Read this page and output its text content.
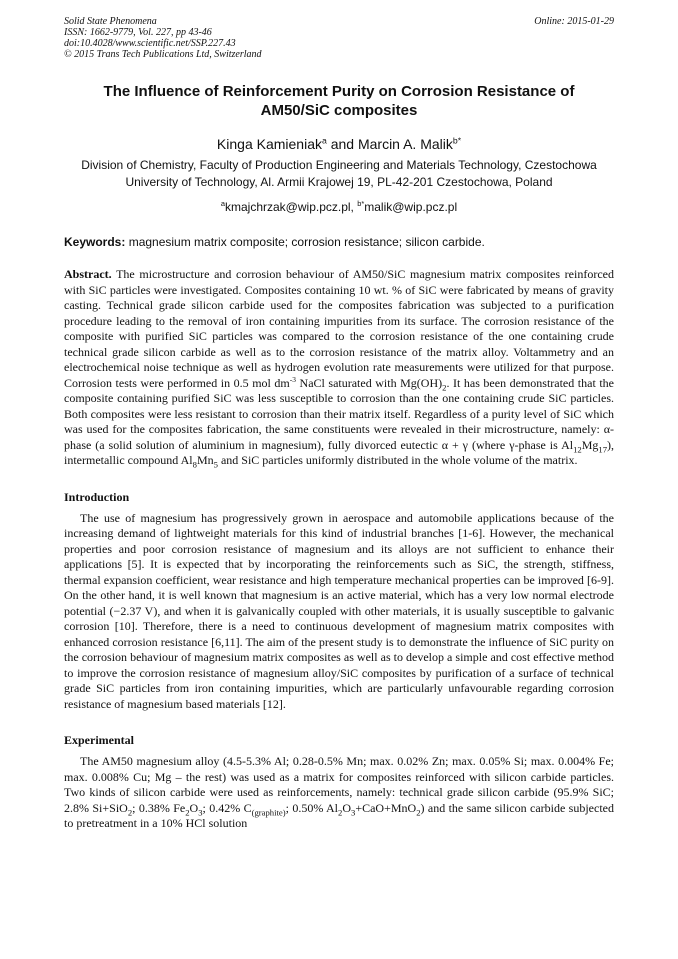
Solid State Phenomena
ISSN: 1662-9779, Vol. 227, pp 43-46
doi:10.4028/www.scientific.net/SSP.227.43
© 2015 Trans Tech Publications Ltd, Switzerland
Online: 2015-01-29
The Influence of Reinforcement Purity on Corrosion Resistance of
AM50/SiC composites
Kinga Kamieniak$^a$ and Marcin A. Malik$^{b*}$
Division of Chemistry, Faculty of Production Engineering and Materials Technology, Czestochowa
University of Technology, Al. Armii Krajowej 19, PL-42-201 Czestochowa, Poland
$^a$kmajchrzak@wip.pcz.pl, $^{b*}$malik@wip.pcz.pl
Keywords: magnesium matrix composite; corrosion resistance; silicon carbide.
Abstract. The microstructure and corrosion behaviour of AM50/SiC magnesium matrix composites reinforced with SiC particles were investigated. Composites containing 10 wt. % of SiC were fabricated by means of gravity casting. Technical grade silicon carbide used for the composites fabrication was subjected to a purification procedure leading to the removal of iron containing impurities from its surface. The corrosion resistance of the composite with purified SiC particles was compared to the corrosion resistance of the one containing crude technical grade silicon carbide as well as to the corrosion resistance of the matrix alloy. Voltammetry and an electrochemical noise technique as well as hydrogen evolution rate measurements were utilized for that purpose. Corrosion tests were performed in 0.5 mol $dm^{-3}$ NaCl saturated with $Mg(OH)_2$. It has been demonstrated that the composite containing purified SiC was less susceptible to corrosion than the one containing crude SiC particles. Both composites were less resistant to corrosion than their matrix itself. Regardless of a purity level of SiC which was used for the composites fabrication, the same constituents were revealed in their microstructure, namely: α-phase (a solid solution of aluminium in magnesium), fully divorced eutectic α + γ (where γ-phase is $Al_{12}Mg_{17}$), intermetallic compound $Al_8Mn_5$ and SiC particles uniformly distributed in the whole volume of the matrix.
Introduction
The use of magnesium has progressively grown in aerospace and automobile applications because of the increasing demand of lightweight materials for this kind of industrial branches [1-6]. However, the mechanical properties and poor corrosion resistance of magnesium and its alloys are not sufficient to enhance their applications [5]. It is expected that by incorporating the reinforcements such as SiC, the strength, stiffness, thermal expansion coefficient, wear resistance and high temperature mechanical properties can be improved [6-9]. On the other hand, it is well known that magnesium is an active material, which has a very low normal electrode potential (−2.37 V), and when it is galvanically coupled with other materials, it is usually susceptible to galvanic corrosion [10]. Therefore, there is a need to continuous development of magnesium matrix composites with enhanced corrosion resistance [6,11]. The aim of the present study is to demonstrate the influence of SiC purity on the corrosion behaviour of magnesium matrix composites as well as to develop a simple and cost effective method to improve the corrosion resistance of magnesium alloy/SiC composites by purification of a surface of technical grade SiC particles from iron containing impurities, which are particularly unfavourable regarding corrosion resistance of magnesium based materials [12].
Experimental
The AM50 magnesium alloy (4.5-5.3% Al; 0.28-0.5% Mn; max. 0.02% Zn; max. 0.05% Si; max. 0.004% Fe; max. 0.008% Cu; Mg – the rest) was used as a matrix for composites reinforced with silicon carbide particles. Two kinds of silicon carbide were used as reinforcements, namely: technical grade silicon carbide (95.9% SiC; 2.8% Si+SiO$_2$; 0.38% $Fe_2O_3$; 0.42% $C_{(graphite)}$; 0.50% $Al_2O_3+CaO+MnO_2$) and the same silicon carbide subjected to pretreatment in a 10% HCl solution
